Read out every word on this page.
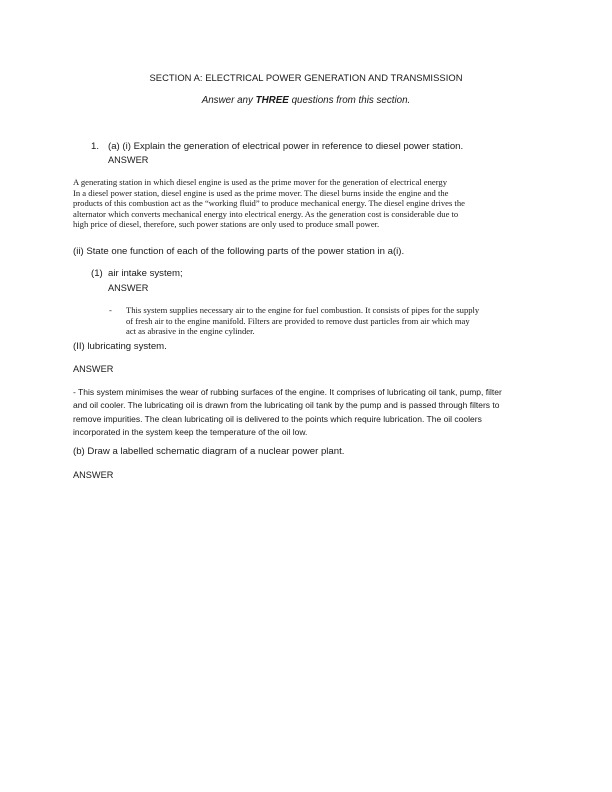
SECTION A: ELECTRICAL POWER GENERATION AND TRANSMISSION
Answer any THREE questions from this section.
1. (a) (i) Explain the generation of electrical power in reference to diesel power station.
ANSWER
A generating station in which diesel engine is used as the prime mover for the generation of electrical energy
In a diesel power station, diesel engine is used as the prime mover. The diesel burns inside the engine and the
products of this combustion act as the “working fluid” to produce mechanical energy. The diesel engine drives the
alternator which converts mechanical energy into electrical energy. As the generation cost is considerable due to
high price of diesel, therefore, such power stations are only used to produce small power.
(ii) State one function of each of the following parts of the power station in a(i).
(1) air intake system;
ANSWER
- This system supplies necessary air to the engine for fuel combustion. It consists of pipes for the supply
of fresh air to the engine manifold. Filters are provided to remove dust particles from air which may
act as abrasive in the engine cylinder.
(II) lubricating system.
ANSWER
- This system minimises the wear of rubbing surfaces of the engine. It comprises of lubricating oil tank, pump, filter
and oil cooler. The lubricating oil is drawn from the lubricating oil tank by the pump and is passed through filters to
remove impurities. The clean lubricating oil is delivered to the points which require lubrication. The oil coolers
incorporated in the system keep the temperature of the oil low.
(b) Draw a labelled schematic diagram of a nuclear power plant.
ANSWER
